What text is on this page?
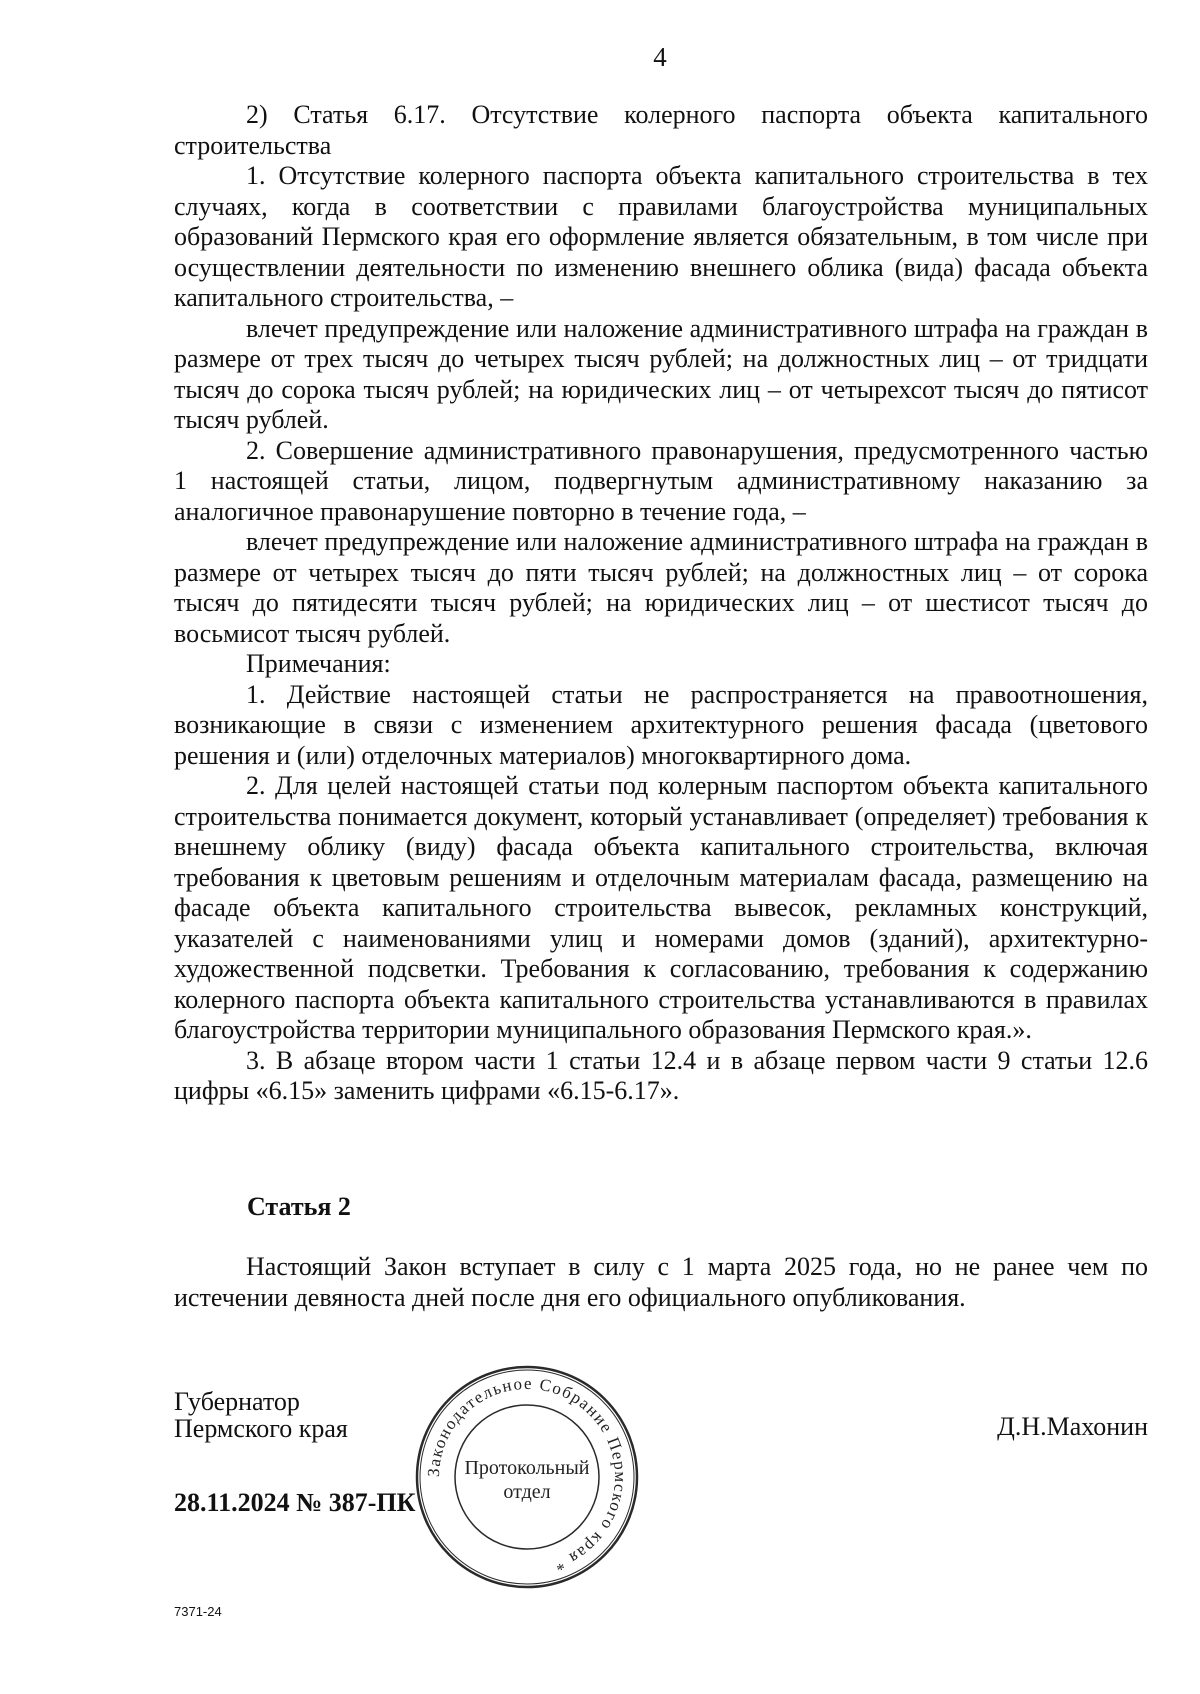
4

2) Статья 6.17. Отсутствие колерного паспорта объекта капитального строительства

1. Отсутствие колерного паспорта объекта капитального строительства в тех случаях, когда в соответствии с правилами благоустройства муниципальных образований Пермского края его оформление является обязательным, в том числе при осуществлении деятельности по изменению внешнего облика (вида) фасада объекта капитального строительства, –

влечет предупреждение или наложение административного штрафа на граждан в размере от трех тысяч до четырех тысяч рублей; на должностных лиц – от тридцати тысяч до сорока тысяч рублей; на юридических лиц – от четырехсот тысяч до пятисот тысяч рублей.

2. Совершение административного правонарушения, предусмотренного частью 1 настоящей статьи, лицом, подвергнутым административному наказанию за аналогичное правонарушение повторно в течение года, –

влечет предупреждение или наложение административного штрафа на граждан в размере от четырех тысяч до пяти тысяч рублей; на должностных лиц – от сорока тысяч до пятидесяти тысяч рублей; на юридических лиц – от шестисот тысяч до восьмисот тысяч рублей.

Примечания:

1. Действие настоящей статьи не распространяется на правоотношения, возникающие в связи с изменением архитектурного решения фасада (цветового решения и (или) отделочных материалов) многоквартирного дома.

2. Для целей настоящей статьи под колерным паспортом объекта капитального строительства понимается документ, который устанавливает (определяет) требования к внешнему облику (виду) фасада объекта капитального строительства, включая требования к цветовым решениям и отделочным материалам фасада, размещению на фасаде объекта капитального строительства вывесок, рекламных конструкций, указателей с наименованиями улиц и номерами домов (зданий), архитектурно-художественной подсветки. Требования к согласованию, требования к содержанию колерного паспорта объекта капитального строительства устанавливаются в правилах благоустройства территории муниципального образования Пермского края.».

3. В абзаце втором части 1 статьи 12.4 и в абзаце первом части 9 статьи 12.6 цифры «6.15» заменить цифрами «6.15-6.17».

Статья 2

Настоящий Закон вступает в силу с 1 марта 2025 года, но не ранее чем по истечении девяноста дней после дня его официального опубликования.

Губернатор
Пермского края	Д.Н.Махонин
28.11.2024 № 387-ПК
Законодательное Собрание Пермского края *
Протокольный
отдел
7371-24
